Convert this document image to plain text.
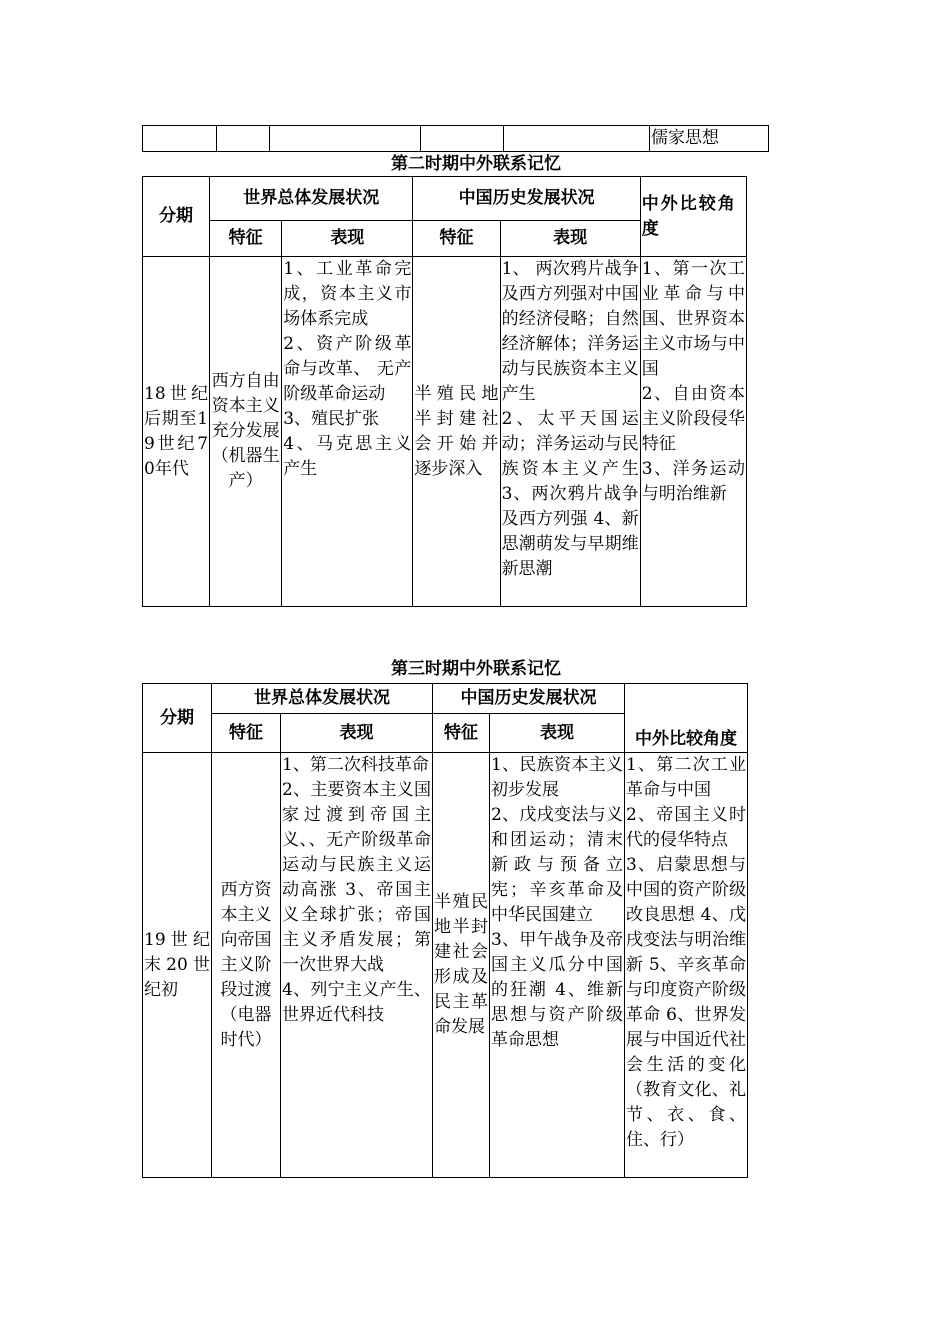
					儒家思想
第二时期中外联系记忆
分期	世界总体发展状况		中国历史发展状况		中外比较角度
	特征	表现	特征	表现	
18世纪后期至19世纪70年代	西方自由资本主义充分发展（机器生产）	1、工业革命完成，资本主义市场体系完成
2、资产阶级革命与改革、 无产阶级革命运动
3、殖民扩张
4、马克思主义产生	半殖民地半封建社会开始并逐步深入	1、 两次鸦片战争及西方列强对中国的经济侵略；自然经济解体；洋务运动与民族资本主义产生
2、太平天国运动；洋务运动与民族资本主义产生 3、两次鸦片战争及西方列强 4、新思潮萌发与早期维新思潮	1、第一次工业革命与中国、世界资本主义市场与中国
2、自由资本主义阶段侵华 特征
3、洋务运动与明治维新
第三时期中外联系记忆
分期	世界总体发展状况		中国历史发展状况		中外比较角度
	特征	表现	特征	表现	
19世纪末20世纪初	西方资本主义向帝国主义阶段过渡（电器时代）	1、第二次科技革命
2、主要资本主义国家过渡到帝国主义、、无产阶级革命运动与民族主义运动高涨 3、帝国主义全球扩张；帝国主义矛盾发展；第一次世界大战
4、列宁主义产生、世界近代科技	半殖民地半封建社会形成及民主革命发展	1、民族资本主义初步发展
2、戊戌变法与义和团运动；清末新政与预备立宪；辛亥革命及中华民国建立
3、甲午战争及帝国主义瓜分中国的狂潮 4、维新思想与资产阶级革命思想	1、第二次工业革命与中国
2、帝国主义时代的侵华特点
3、启蒙思想与中国的资产阶级改良思想 4、戊戌变法与明治维新 5、辛亥革命与印度资产阶级革命 6、世界发展与中国近代社会生活的变化（教育文化、礼节、衣、食、住、行）
